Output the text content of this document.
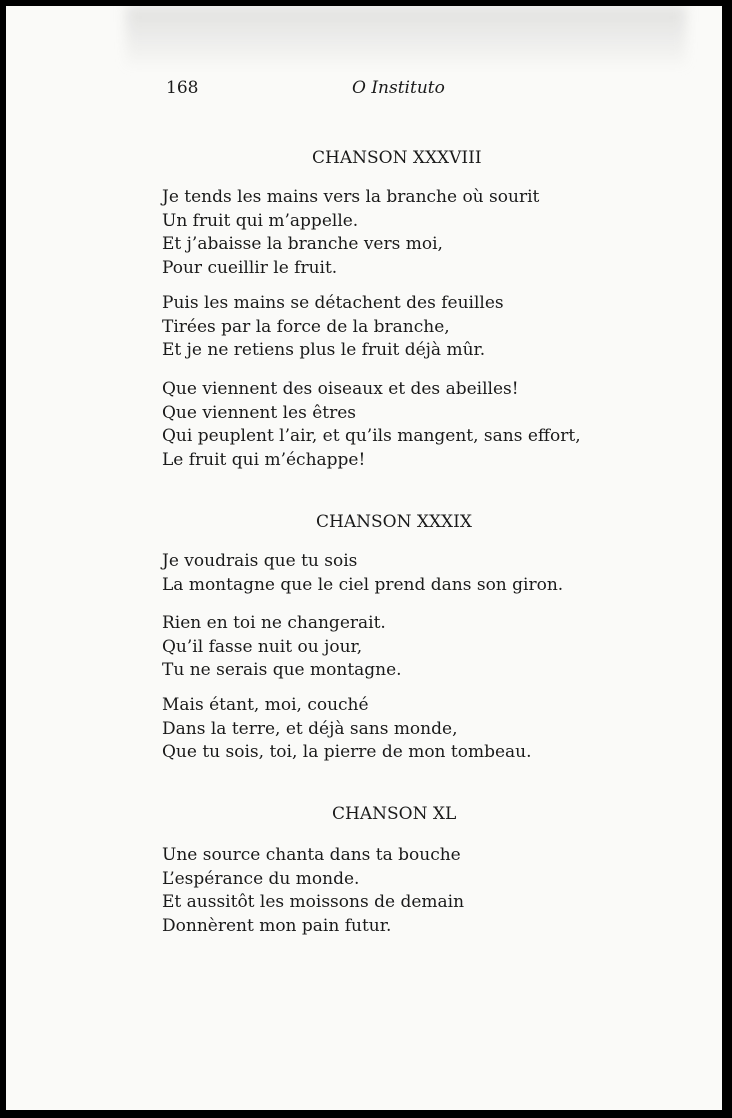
168	O Instituto
CHANSON XXXVIII
Je tends les mains vers la branche où sourit
Un fruit qui m’appelle.
Et j’abaisse la branche vers moi,
Pour cueillir le fruit.
Puis les mains se détachent des feuilles
Tirées par la force de la branche,
Et je ne retiens plus le fruit déjà mûr.
Que viennent des oiseaux et des abeilles!
Que viennent les êtres
Qui peuplent l’air, et qu’ils mangent, sans effort,
Le fruit qui m’échappe!
CHANSON XXXIX
Je voudrais que tu sois
La montagne que le ciel prend dans son giron.
Rien en toi ne changerait.
Qu’il fasse nuit ou jour,
Tu ne serais que montagne.
Mais étant, moi, couché
Dans la terre, et déjà sans monde,
Que tu sois, toi, la pierre de mon tombeau.
CHANSON XL
Une source chanta dans ta bouche
L’espérance du monde.
Et aussitôt les moissons de demain
Donnèrent mon pain futur.
